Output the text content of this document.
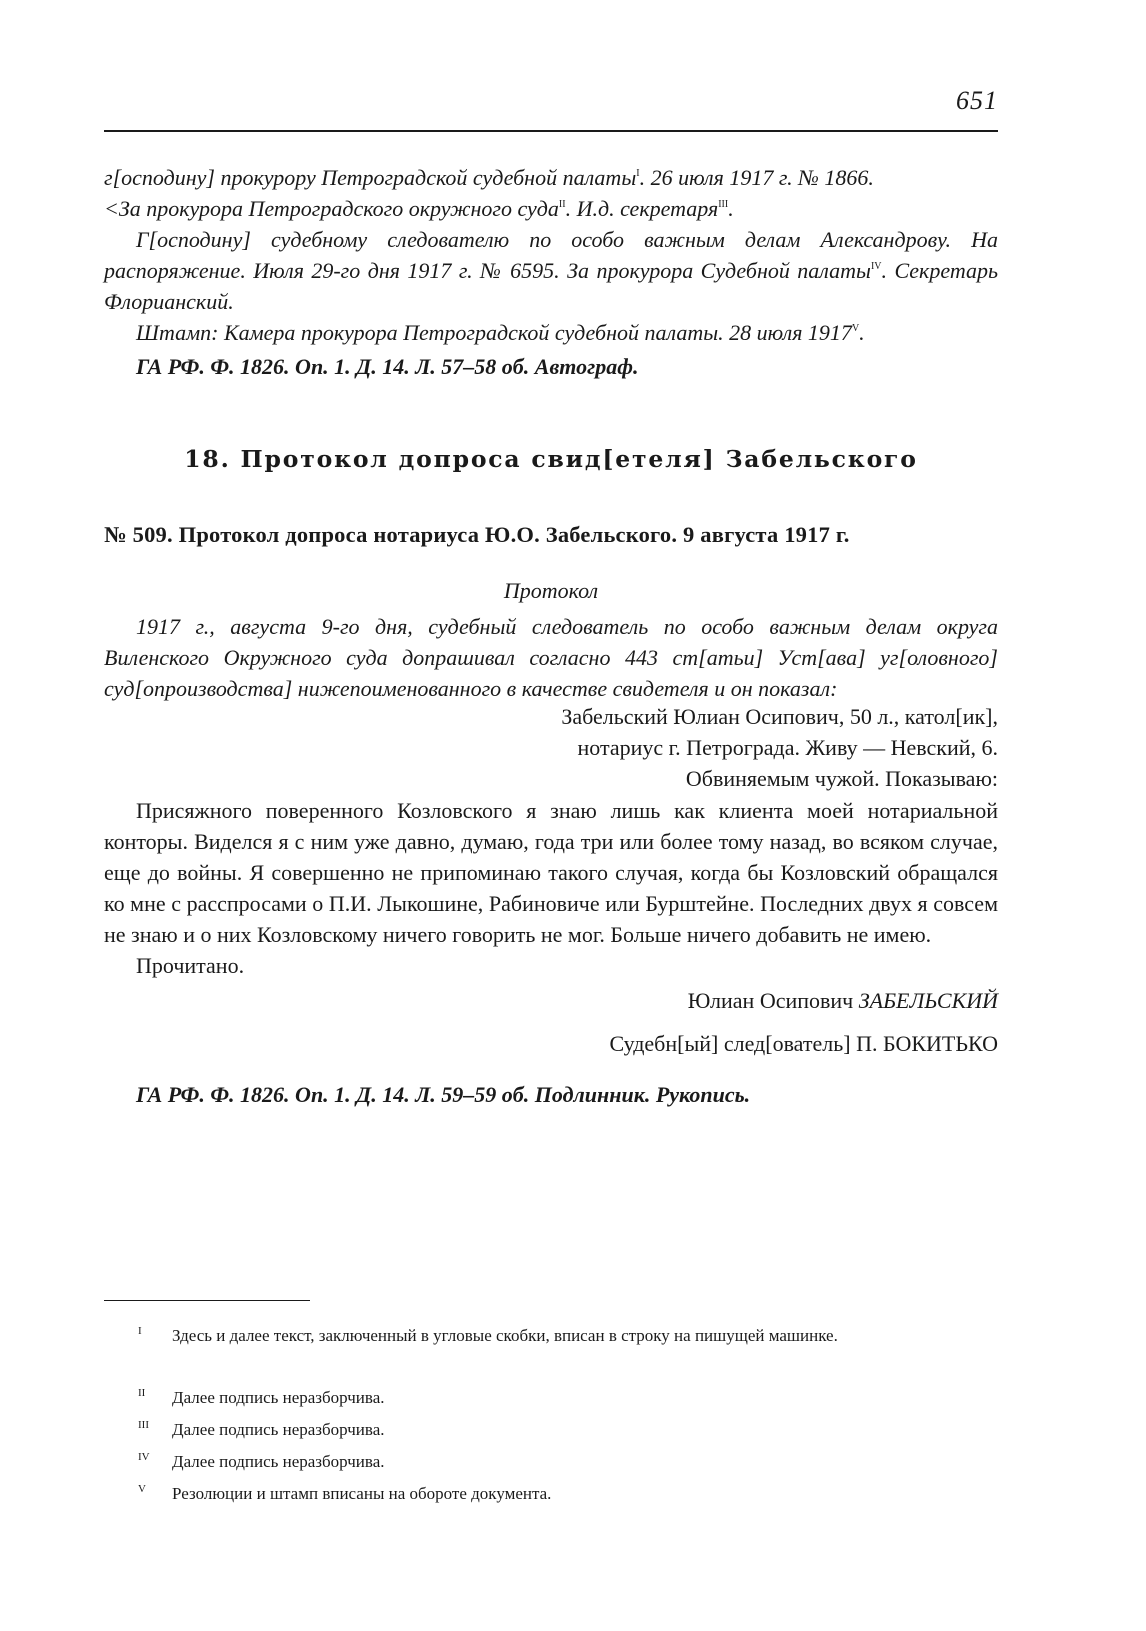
651

г[осподину] прокурору Петроградской судебной палаты$^I$. 26 июля 1917 г. № 1866.

<За прокурора Петроградского окружного суда$^{II}$. И.д. секретаря$^{III}$.

Г[осподину] судебному следователю по особо важным делам Александрову. На распоряжение. Июля 29-го дня 1917 г. № 6595. За прокурора Судебной палаты$^{IV}$. Секретарь Флорианский.

Штамп: Камера прокурора Петроградской судебной палаты. 28 июля $1917^V$.

ГА РФ. Ф. 1826. Оп. 1. Д. 14. Л. 57–58 об. Автограф.
18. Протокол допроса свид[етеля] Забельского
№ 509. Протокол допроса нотариуса Ю.О. Забельского. 9 августа 1917 г.
Протокол

1917 г., августа 9-го дня, судебный следователь по особо важным делам округа Виленского Окружного суда допрашивал согласно 443 ст[атьи] Уст[ава] уг[оловного] суд[опроизводства] нижепоименованного в качестве свидетеля и он показал:

Забельский Юлиан Осипович, 50 л., катол[ик],

нотариус г. Петрограда. Живу — Невский, 6.

Обвиняемым чужой. Показываю:

Присяжного поверенного Козловского я знаю лишь как клиента моей нотариальной конторы. Виделся я с ним уже давно, думаю, года три или более тому назад, во всяком случае, еще до войны. Я совершенно не припоминаю такого случая, когда бы Козловский обращался ко мне с расспросами о П.И. Лыкошине, Рабиновиче или Бурштейне. Последних двух я совсем не знаю и о них Козловскому ничего говорить не мог. Больше ничего добавить не имею.

Прочитано.

Юлиан Осипович ЗАБЕЛЬСКИЙ
Судебн[ый] след[ователь] П. БОКИТЬКО
ГА РФ. Ф. 1826. Оп. 1. Д. 14. Л. 59–59 об. Подлинник. Рукопись.
I	Здесь и далее текст, заключенный в угловые скобки, вписан в строку на пишущей машинке.
II	Далее подпись неразборчива.
III	Далее подпись неразборчива.
IV	Далее подпись неразборчива.
V	Резолюции и штамп вписаны на обороте документа.
